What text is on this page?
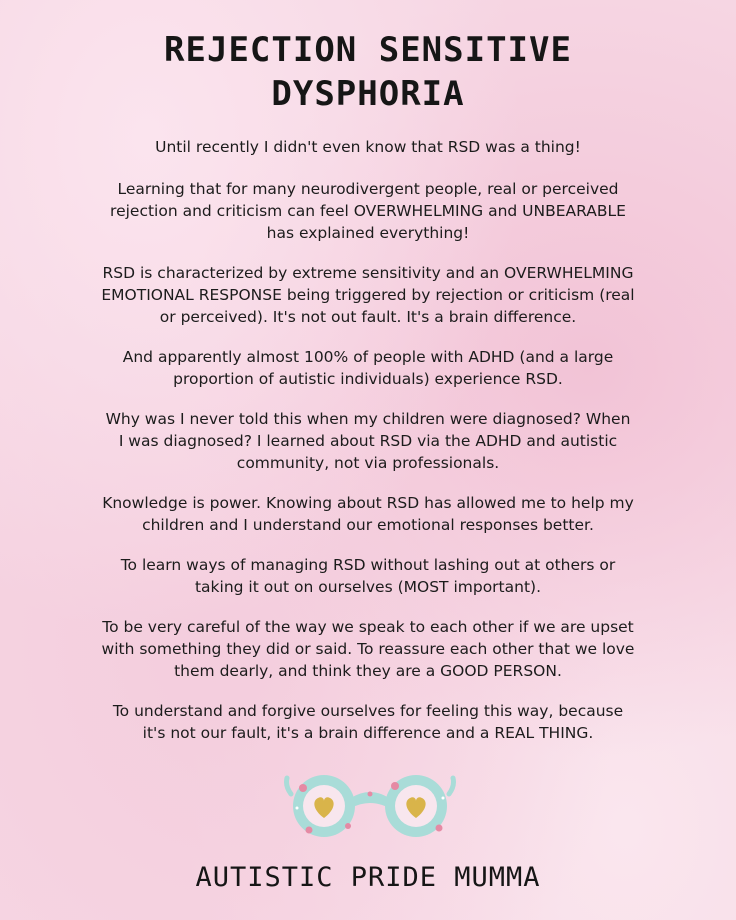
REJECTION SENSITIVE
DYSPHORIA
Until recently I didn't even know that RSD was a thing!
Learning that for many neurodivergent people, real or perceived
rejection and criticism can feel OVERWHELMING and UNBEARABLE
has explained everything!
RSD is characterized by extreme sensitivity and an OVERWHELMING
EMOTIONAL RESPONSE being triggered by rejection or criticism (real
or perceived). It's not out fault. It's a brain difference.
And apparently almost 100% of people with ADHD (and a large
proportion of autistic individuals) experience RSD.
Why was I never told this when my children were diagnosed? When
I was diagnosed? I learned about RSD via the ADHD and autistic
community, not via professionals.
Knowledge is power. Knowing about RSD has allowed me to help my
children and I understand our emotional responses better.
To learn ways of managing RSD without lashing out at others or
taking it out on ourselves (MOST important).
To be very careful of the way we speak to each other if we are upset
with something they did or said. To reassure each other that we love
them dearly, and think they are a GOOD PERSON.
To understand and forgive ourselves for feeling this way, because
it's not our fault, it's a brain difference and a REAL THING.
AUTISTIC PRIDE MUMMA
